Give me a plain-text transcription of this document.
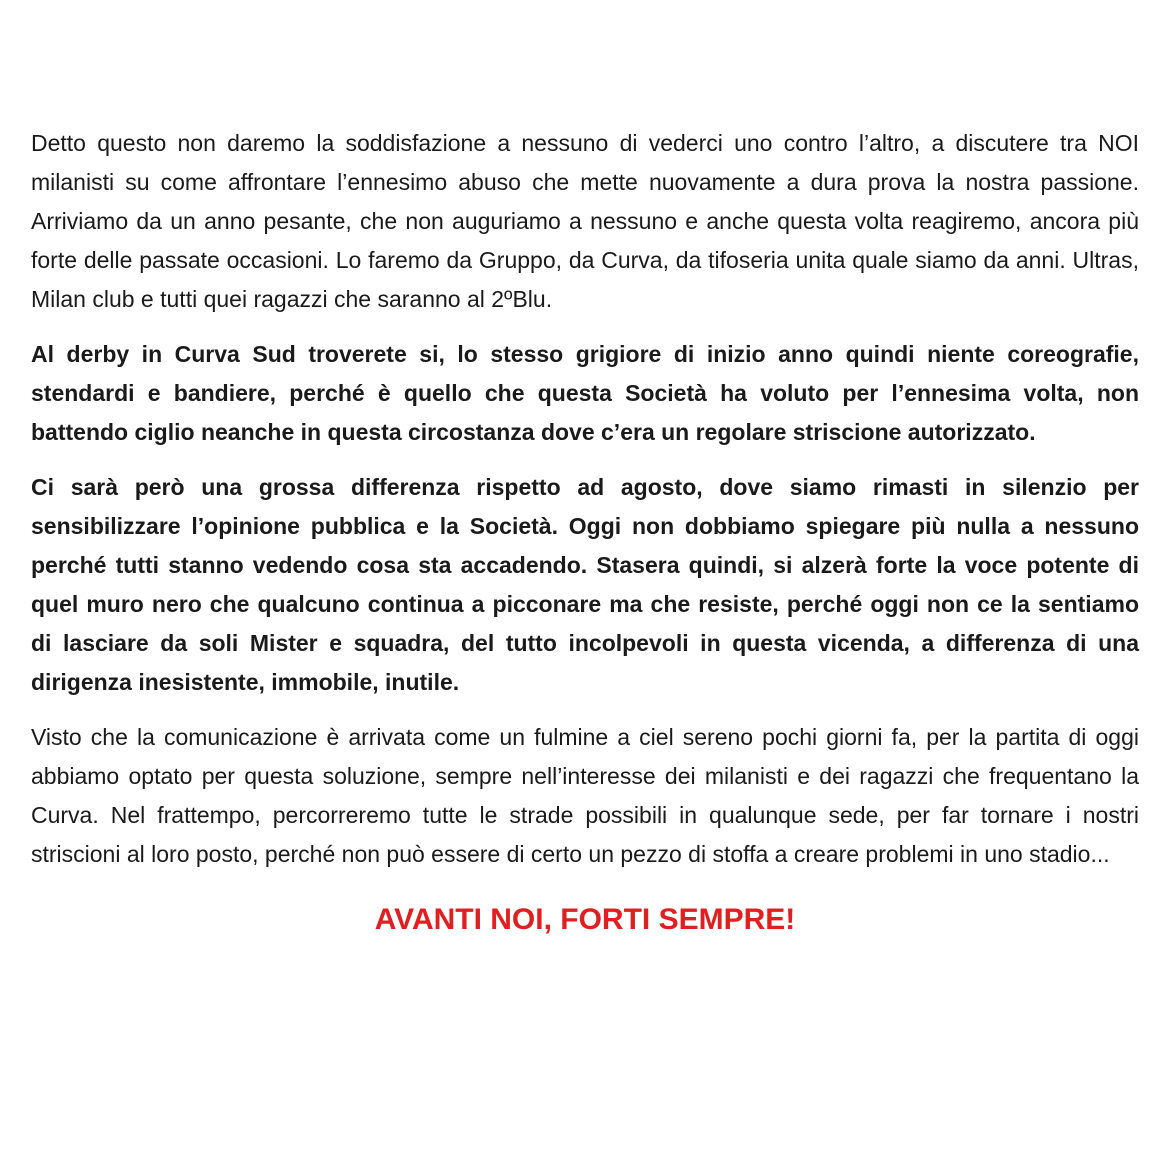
Detto questo non daremo la soddisfazione a nessuno di vederci uno contro l’altro, a discutere tra NOI milanisti su come affrontare l’ennesimo abuso che mette nuovamente a dura prova la nostra passione. Arriviamo da un anno pesante, che non auguriamo a nessuno e anche questa volta reagiremo, ancora più forte delle passate occasioni. Lo faremo da Gruppo, da Curva, da tifoseria unita quale siamo da anni. Ultras, Milan club e tutti quei ragazzi che saranno al 2ºBlu.

Al derby in Curva Sud troverete si, lo stesso grigiore di inizio anno quindi niente coreografie, stendardi e bandiere, perché è quello che questa Società ha voluto per l’ennesima volta, non battendo ciglio neanche in questa circostanza dove c’era un regolare striscione autorizzato.

Ci sarà però una grossa differenza rispetto ad agosto, dove siamo rimasti in silenzio per sensibilizzare l’opinione pubblica e la Società. Oggi non dobbiamo spiegare più nulla a nessuno perché tutti stanno vedendo cosa sta accadendo. Stasera quindi, si alzerà forte la voce potente di quel muro nero che qualcuno continua a picconare ma che resiste, perché oggi non ce la sentiamo di lasciare da soli Mister e squadra, del tutto incolpevoli in questa vicenda, a differenza di una dirigenza inesistente, immobile, inutile.

Visto che la comunicazione è arrivata come un fulmine a ciel sereno pochi giorni fa, per la partita di oggi abbiamo optato per questa soluzione, sempre nell’interesse dei milanisti e dei ragazzi che frequentano la Curva. Nel frattempo, percorreremo tutte le strade possibili in qualunque sede, per far tornare i nostri striscioni al loro posto, perché non può essere di certo un pezzo di stoffa a creare problemi in uno stadio...

AVANTI NOI, FORTI SEMPRE!
